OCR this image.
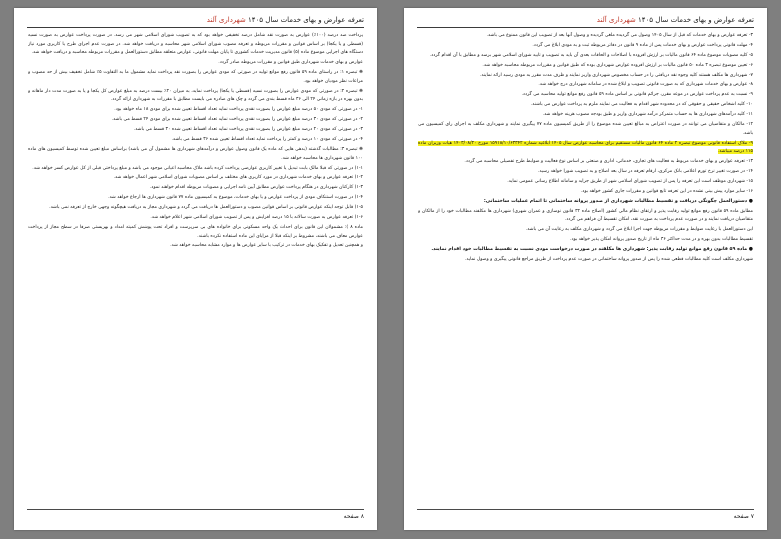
تعرفه عوارض و بهای خدمات سال ۱۴۰۵ شهرداری آلند

پرداخت صد درصد (۱۰۰٪) عوارض به صورت نقد شامل درصد تخفیفی خواهد بود که به تصویب شورای اسلامی شهر می رسد. در صورت پرداخت عوارض به صورت نسیه (قسطی و یا یکجا) بر اساس قوانین و مقررات مربوطه و تعرفه مصوب شورای اسلامی شهر محاسبه و دریافت خواهد شد. در صورت عدم اجرای طرح یا کاربری مورد نیاز دستگاه های اجرایی موضوع ماده (۵) قانون مدیریت خدمات کشوری تا پایان مهلت قانونی، عوارض متعلقه مطابق دستورالعمل و مقررات مربوطه محاسبه و دریافت خواهد شد.

عوارض و بهای خدمات شهرداری طبق قوانین و مقررات مربوطه صادر گردد.

❋ تبصره ۱: در راستای ماده ۵۹ قانون رفع موانع تولید در صورتی که مودی عوارض را بصورت نقد پرداخت نماید مشمول ما به التفاوت ۵٪ شامل تخفیف بیش از حد مصوب و مراعات نظر مودیان خواهد بود.

❋ تبصره ۲: در صورتی که مودی عوارض را بصورت نسیه (قسطی یا یکجا) پرداخت نماید، به میزان ۲۰٪ بیست درصد به مبلغ عوارض کل یکجا و یا به صورت مدت دار ماهانه و بدون بهره در بازه زمانی ۲۴ الی ۳۶ ماه قسط بندی می گردد و چک های صادره می بایست مطابق با مقررات به شهرداری ارائه گردد.

۱- در صورتی که مودی ۵۰ درصد مبلغ عوارض را بصورت نقدی پرداخت نماید تعداد اقساط تعیین شده برای مودی ۱۸ ماه خواهد بود.

۲- در صورتی که مودی ۳۰ درصد مبلغ عوارض را بصورت نقدی پرداخت نماید تعداد اقساط تعیین شده برای مودی ۲۴ قسط می باشد.

۳- در صورتی که مودی ۲۰ درصد مبلغ عوارض را بصورت نقدی پرداخت نماید تعداد اقساط تعیین شده ۳۰ قسط می باشد.

۴- در صورتی که مودی ۱۰ درصد و کمتر را پرداخت نماید تعداد اقساط تعیین شده ۳۶ قسط می باشد.

❋ تبصره ۳: مطالبات گذشته (بدهی هایی که ماده یک قانون وصول عوارض و درآمدهای شهرداری ها مشمول آن می باشد) براساس مبلغ تعیین شده توسط کمیسیون های ماده ۱۰۰ قانون شهرداری ها محاسبه خواهد شد.

۱-۱) در صورتی که قبلا مالک بابت تبدیل یا تغییر کاربری عوارضی پرداخت کرده باشد ملاک محاسبه اعیانی موجود می باشد و مبلغ پرداختی قبلی از کل عوارض کسر خواهد شد.

۱-۲) تعرفه عوارض و بهای خدمات شهرداری در مورد کاربری های مختلف بر اساس مصوبات شورای اسلامی شهر اعمال خواهد شد.

۱-۳) کارکنان شهرداری در هنگام پرداخت عوارض مطابق آیین نامه اجرایی و مصوبات مربوطه اقدام خواهند نمود.

۱-۴) در صورت استنکاف مودی از پرداخت عوارض و یا بهای خدمات، موضوع به کمیسیون ماده ۷۷ قانون شهرداری ها ارجاع خواهد شد.

۱-۵) قابل توجه اینکه عوارض قانونی بر اساس قوانین مصوب و دستورالعمل ها دریافت می گردد و شهرداری مجاز به دریافت هیچگونه وجهی خارج از تعرفه نمی باشد.

۱-۶) تعرفه عوارض به صورت سالانه با ۱۵ درصد افزایش و پس از تصویب شورای اسلامی شهر اعلام خواهد شد.

ماده ۸ ): مشمولان این قانون برای احداث یک واحد مسکونی برای خانواده های بی سرپرست و افراد تحت پوشش کمیته امداد و بهزیستی صرفا در سطح مجاز از پرداخت عوارض معاف می باشند، مشروط بر اینکه قبلا از مزایای این ماده استفاده نکرده باشند.

و همچنین تعدیل و تفکیک بهای خدمات در ترکیب با سایر عوارض ها و موارد مشابه محاسبه خواهد شد.

۸ صفحه
تعرفه عوارض و بهای خدمات سال ۱۴۰۵ شهرداری آلند

۳- تعرفه عوارض و بهای خدمات که قبل از سال ۱۴۰۵ وصول می گردیده ملغی گردیده و وصول آنها بعد از تصویب این قانون ممنوع می باشد.

۴- مهلت قانونی پرداخت عوارض و بهای خدمات پس از ماده ۹ قانون در دفاتر مربوطه ثبت و به مودی ابلاغ می گردد.

۵- کلیه مصوبات موضوع ماده ۶۴ قانون مالیات بر ارزش افزوده با اصلاحات و الحاقات بعدی آن باید به تصویب و تایید شورای اسلامی شهر برسد و مطابق با آن اقدام گردد.

۶- تعیین موضوع تبصره ۳ ماده ۵۰ قانون مالیات بر ارزش افزوده عوارض شهرداری بوده که طبق قوانین و مقررات مربوطه محاسبه خواهد شد.

۷- شهرداری ها مکلف هستند کلیه وجوه نقد دریافتی را در حساب مخصوص شهرداری واریز نمایند و ظرف مدت مقرر به مودی رسید ارائه نمایند.

۸- عوارض و بهای خدمات شهرداری که به صورت قانونی تصویب و ابلاغ شده در سامانه شهرداری درج خواهد شد.

۹- نسبت به عدم پرداخت عوارض در موعد مقرر، جرائم قانونی بر اساس ماده ۵۹ قانون رفع موانع تولید محاسبه می گردد.

۱۰- کلیه اشخاص حقیقی و حقوقی که در محدوده شهر اقدام به فعالیت می نمایند ملزم به پرداخت عوارض می باشند.

۱۱- کلیه درآمدهای شهرداری ها به حساب متمرکز درآمد شهرداری واریز و طبق بودجه مصوب هزینه خواهد شد.

۱۲- مالکان و متقاضیان می توانند در صورت اعتراض به مبالغ تعیین شده موضوع را از طریق کمیسیون ماده ۷۷ پیگیری نمایند و شهرداری مکلف به اجرای رای کمیسیون می باشد.

۹- ملاک استفاده قانونی موضوع تبصره ۲ ماده ۶۴ قانون مالیات مستقیم برای محاسبه عوارض سال ۱۴۰۵ ابلاغیه شماره ۱۵۹۱۸/۱۰/۶۳۳۴۲ مورخ ۱۴۰۳/۰۸/۲۰ هیات وزیران ماده ۱۱۵ درصد میباشد.

۱۳- تعرفه عوارض و بهای خدمات مربوط به فعالیت های تجاری، خدماتی، اداری و صنعتی بر اساس نوع فعالیت و ضوابط طرح تفصیلی محاسبه می گردد.

۱۴- در صورت تغییر نرخ تورم اعلامی بانک مرکزی، ارقام تعرفه در سال بعد اصلاح و به تصویب شورا خواهد رسید.

۱۵- شهرداری موظف است این تعرفه را پس از تصویب شورای اسلامی شهر از طریق جراید و سامانه اطلاع رسانی عمومی نماید.

۱۶- سایر موارد پیش بینی نشده در این تعرفه تابع قوانین و مقررات جاری کشور خواهد بود.

● دستورالعمل چگونگی دریافت و تقسیط مطالبات شهرداری از صدور پروانه ساختمانی تا اتمام عملیات ساختمانی:

مطابق ماده ۵۹ قانون رفع موانع تولید رقابت پذیر و ارتقای نظام مالی کشور (اصلاح ماده ۳۲ قانون نوسازی و عمران شهری) شهرداری ها مکلفند مطالبات خود را از مالکان و متقاضیان دریافت نمایند و در صورت عدم پرداخت به صورت نقد، امکان تقسیط آن فراهم می گردد.

این دستورالعمل با رعایت ضوابط و مقررات مربوطه جهت اجرا ابلاغ می گردد و شهرداری مکلف به رعایت آن می باشد.

تقسیط مطالبات بدون بهره و در مدت حداکثر ۳۶ ماه از تاریخ صدور پروانه امکان پذیر خواهد بود.

● ماده ۵۹ قانون رفع موانع تولید رقابت پذیر: شهرداری ها مکلفند در صورت درخواست مودی نسبت به تقسیط مطالبات خود اقدام نمایند.

شهرداری مکلف است کلیه مطالبات قطعی شده را پس از صدور پروانه ساختمانی در صورت عدم پرداخت از طریق مراجع قانونی پیگیری و وصول نماید.

۷ صفحه
